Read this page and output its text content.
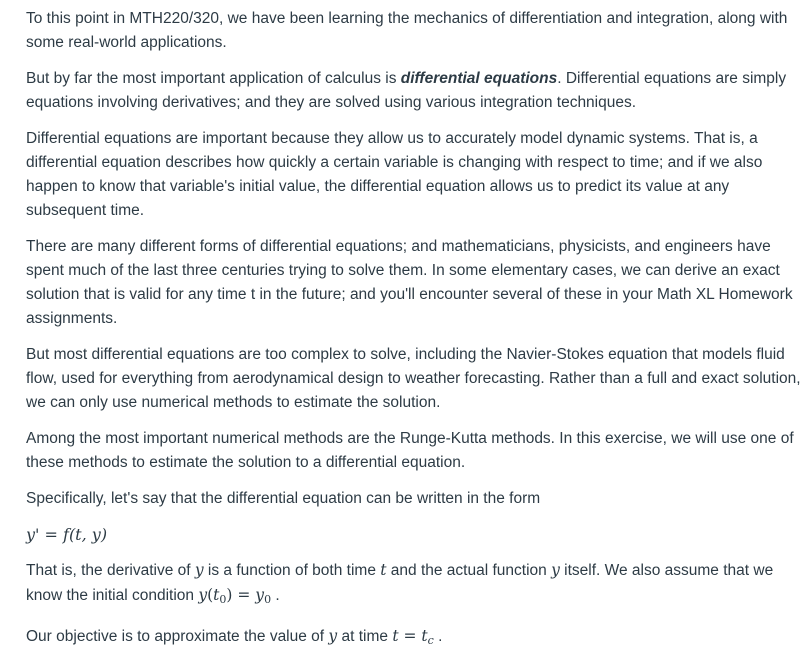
To this point in MTH220/320, we have been learning the mechanics of differentiation and integration, along with some real-world applications.

But by far the most important application of calculus is differential equations. Differential equations are simply equations involving derivatives; and they are solved using various integration techniques.

Differential equations are important because they allow us to accurately model dynamic systems. That is, a differential equation describes how quickly a certain variable is changing with respect to time; and if we also happen to know that variable's initial value, the differential equation allows us to predict its value at any subsequent time.

There are many different forms of differential equations; and mathematicians, physicists, and engineers have spent much of the last three centuries trying to solve them. In some elementary cases, we can derive an exact solution that is valid for any time t in the future; and you'll encounter several of these in your Math XL Homework assignments.

But most differential equations are too complex to solve, including the Navier-Stokes equation that models fluid flow, used for everything from aerodynamical design to weather forecasting. Rather than a full and exact solution, we can only use numerical methods to estimate the solution.

Among the most important numerical methods are the Runge-Kutta methods. In this exercise, we will use one of these methods to estimate the solution to a differential equation.

Specifically, let's say that the differential equation can be written in the form

y' = f(t, y)

That is, the derivative of y is a function of both time t and the actual function y itself. We also assume that we know the initial condition $y(t_0) = y_0$ .

Our objective is to approximate the value of y at time $t = t_c$ .
